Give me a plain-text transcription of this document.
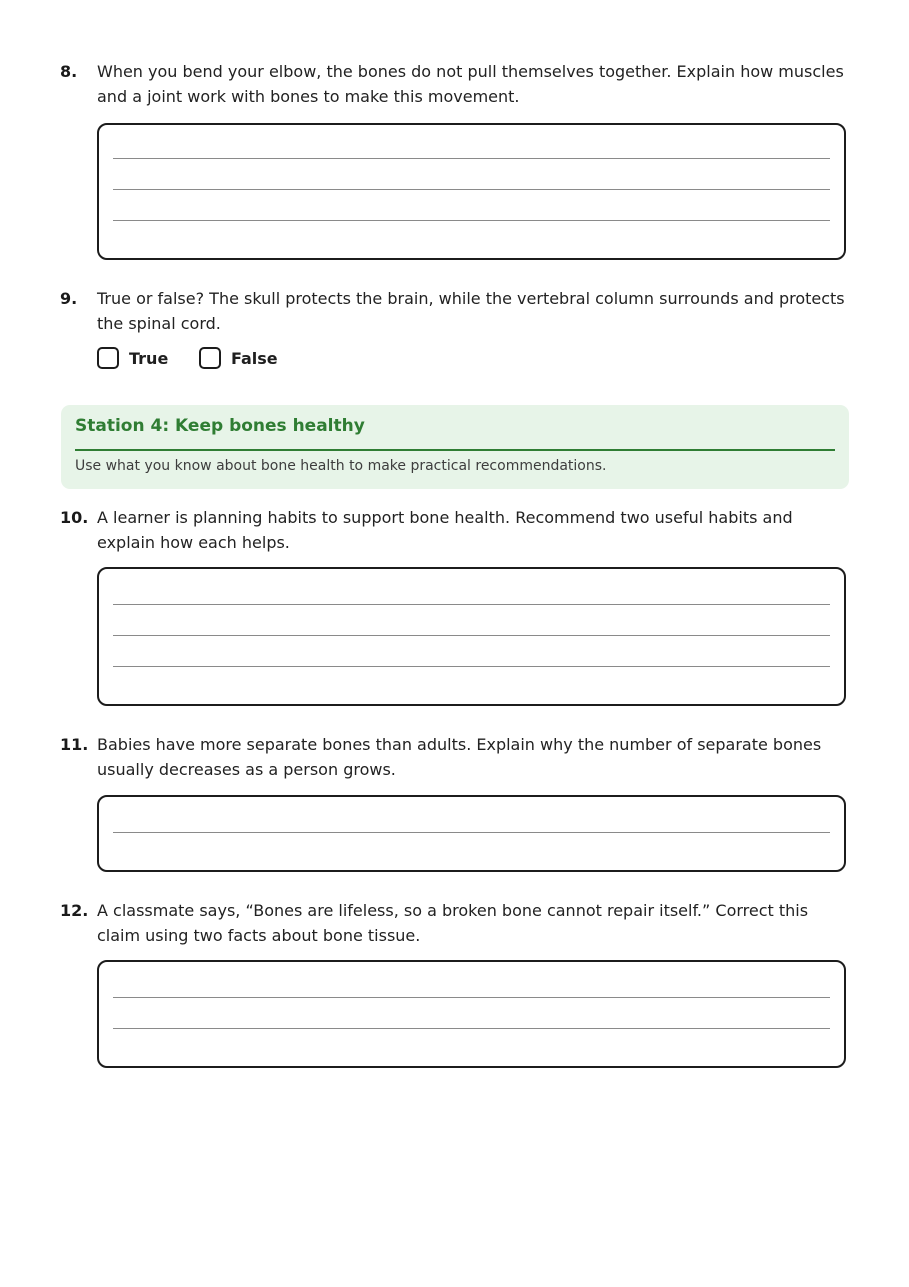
8. When you bend your elbow, the bones do not pull themselves together. Explain how muscles and a joint work with bones to make this movement.
9. True or false? The skull protects the brain, while the vertebral column surrounds and protects the spinal cord.
True	False
Station 4: Keep bones healthy
Use what you know about bone health to make practical recommendations.
10. A learner is planning habits to support bone health. Recommend two useful habits and explain how each helps.
11. Babies have more separate bones than adults. Explain why the number of separate bones usually decreases as a person grows.
12. A classmate says, “Bones are lifeless, so a broken bone cannot repair itself.” Correct this claim using two facts about bone tissue.
